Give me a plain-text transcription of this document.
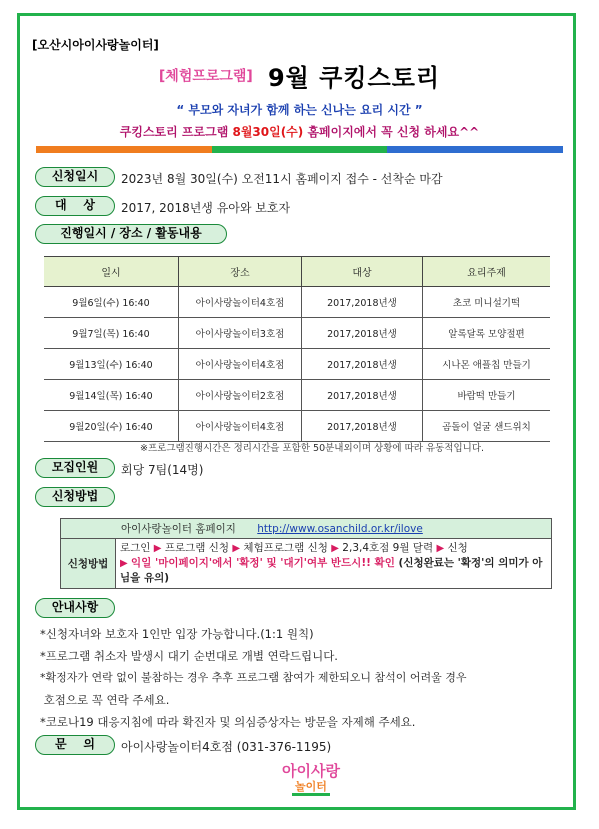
[오산시아이사랑놀이터]
[체험프로그램] 9월 쿠킹스토리
“ 부모와 자녀가 함께 하는 신나는 요리 시간 ”
쿠킹스토리 프로그램 8월30일(수) 홈페이지에서 꼭 신청 하세요^^
신청일시	2023년 8월 30일(수) 오전11시 홈페이지 접수 - 선착순 마감
대    상	2017, 2018년생 유아와 보호자
진행일시 / 장소 / 활동내용
일시	장소	대상	요리주제
9월6일(수) 16:40	아이사랑놀이터4호점	2017,2018년생	초코 미니설기떡
9월7일(목) 16:40	아이사랑놀이터3호점	2017,2018년생	알록달록 모양절편
9월13일(수) 16:40	아이사랑놀이터4호점	2017,2018년생	시나몬 애플칩 만들기
9월14일(목) 16:40	아이사랑놀이터2호점	2017,2018년생	바람떡 만들기
9월20일(수) 16:40	아이사랑놀이터4호점	2017,2018년생	곰돌이 얼굴 샌드위치
※프로그램진행시간은 정리시간을 포함한 50분내외이며 상황에 따라 유동적입니다.
모집인원	회당 7팀(14명)
신청방법
아이사랑놀이터 홈페이지 http://www.osanchild.or.kr/ilove
신청방법	로그인 ▶ 프로그램 신청 ▶ 체험프로그램 신청 ▶ 2,3,4호점 9월 달력 ▶ 신청
▶ 익일 '마이페이지'에서 '확정' 및 '대기'여부 반드시!! 확인 (신청완료는 '확정'의 의미가 아님을 유의)
안내사항
*신청자녀와 보호자 1인만 입장 가능합니다.(1:1 원칙)
*프로그램 취소자 발생시 대기 순번대로 개별 연락드립니다.
*확정자가 연락 없이 불참하는 경우 추후 프로그램 참여가 제한되오니 참석이 어려울 경우
호점으로 꼭 연락 주세요.
*코로나19 대응지침에 따라 확진자 및 의심증상자는 방문을 자제해 주세요.
문    의	아이사랑놀이터4호점 (031-376-1195)
아이사랑
놀이터
